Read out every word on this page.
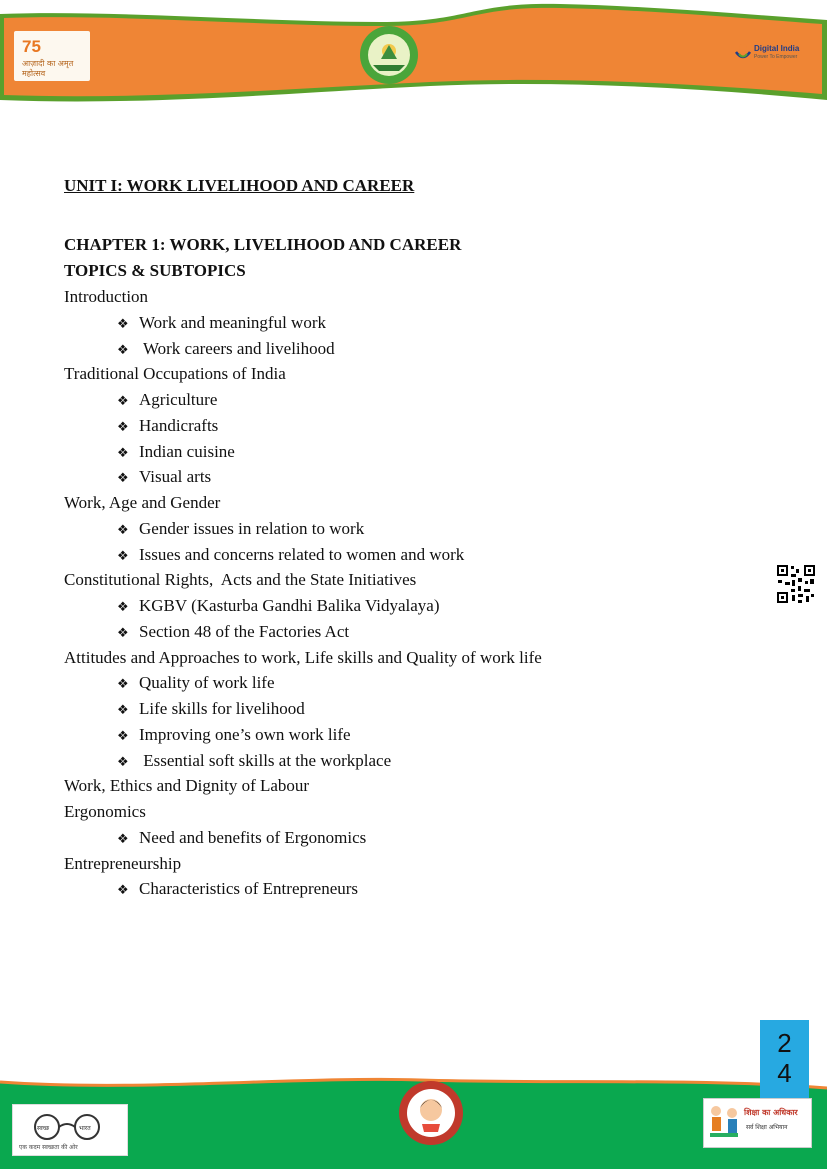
75
आज़ादी का अमृत महोत्सव
Digital India
Power To Empower

UNIT I: WORK LIVELIHOOD AND CAREER

CHAPTER 1: WORK, LIVELIHOOD AND CAREER

TOPICS & SUBTOPICS

Introduction
❖ Work and meaningful work
❖ Work careers and livelihood
Traditional Occupations of India
❖ Agriculture
❖ Handicrafts
❖ Indian cuisine
❖ Visual arts
Work, Age and Gender
❖ Gender issues in relation to work
❖ Issues and concerns related to women and work
Constitutional Rights,  Acts and the State Initiatives
❖ KGBV (Kasturba Gandhi Balika Vidyalaya)
❖ Section 48 of the Factories Act
Attitudes and Approaches to work, Life skills and Quality of work life
❖ Quality of work life
❖ Life skills for livelihood
❖ Improving one’s own work life
❖ Essential soft skills at the workplace
Work, Ethics and Dignity of Labour
Ergonomics
❖ Need and benefits of Ergonomics
Entrepreneurship
❖ Characteristics of Entrepreneurs
2
4
स्वच्छ	भारत
एक कदम स्वच्छता की ओर
शिक्षा का अधिकार
सर्व शिक्षा अभियान
